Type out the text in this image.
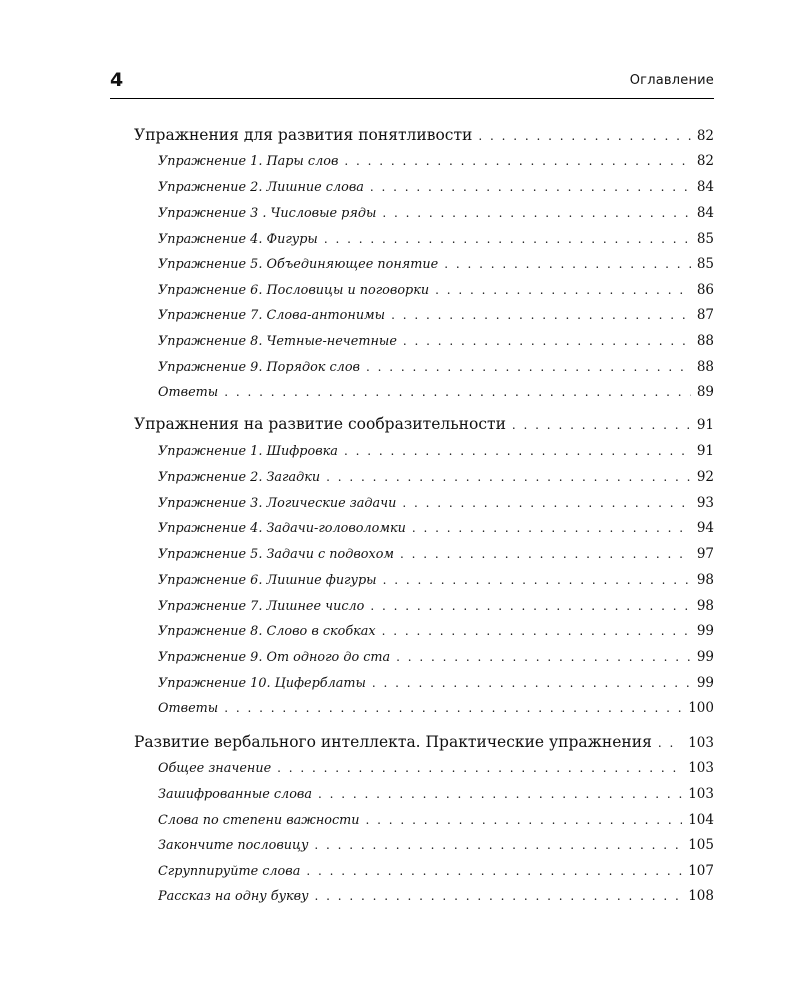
4	Оглавление
Упражнения для развития понятливости . . .	82
Упражнение 1. Пары слов . . .	82
Упражнение 2. Лишние слова . . .	84
Упражнение 3 . Числовые ряды . . .	84
Упражнение 4. Фигуры . . .	85
Упражнение 5. Объединяющее понятие . . .	85
Упражнение 6. Пословицы и поговорки . . .	86
Упражнение 7. Слова-антонимы . . .	87
Упражнение 8. Четные-нечетные . . .	88
Упражнение 9. Порядок слов . . .	88
Ответы . . .	89
Упражнения на развитие сообразительности . . .	91
Упражнение 1. Шифровка . . .	91
Упражнение 2. Загадки . . .	92
Упражнение 3. Логические задачи . . .	93
Упражнение 4. Задачи-головоломки . . .	94
Упражнение 5. Задачи с подвохом . . .	97
Упражнение 6. Лишние фигуры . . .	98
Упражнение 7. Лишнее число . . .	98
Упражнение 8. Слово в скобках . . .	99
Упражнение 9. От одного до ста . . .	99
Упражнение 10. Циферблаты . . .	99
Ответы . . .	100
Развитие вербального интеллекта. Практические упражнения . . .	103
Общее значение . . .	103
Зашифрованные слова . . .	103
Слова по степени важности . . .	104
Закончите пословицу . . .	105
Сгруппируйте слова . . .	107
Рассказ на одну букву . . .	108
